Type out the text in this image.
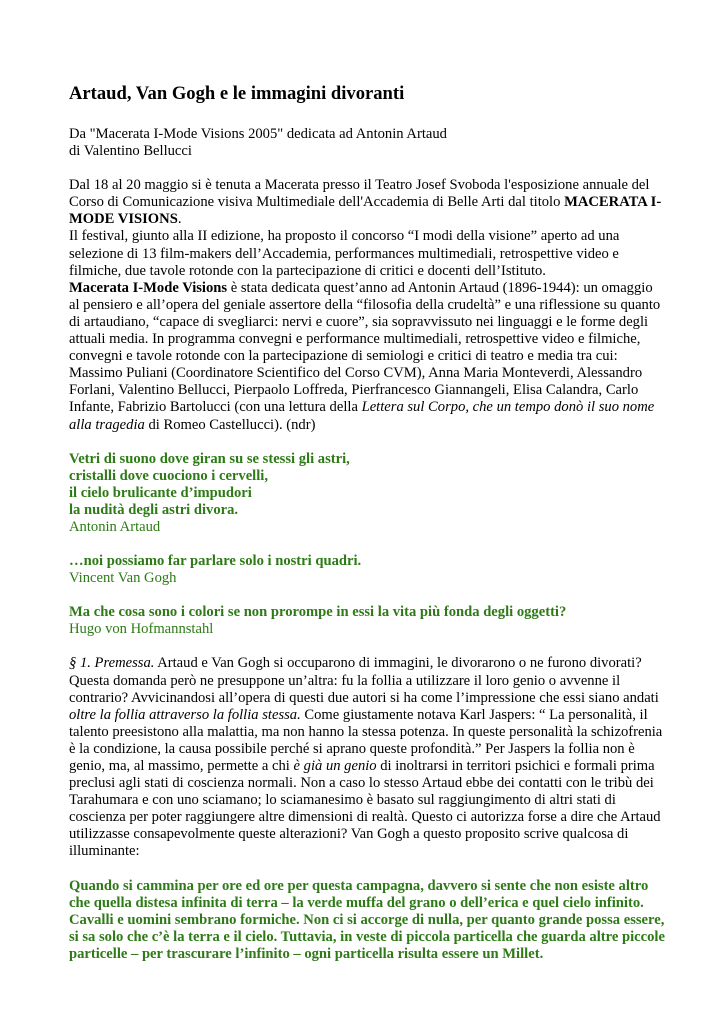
Artaud, Van Gogh e le immagini divoranti

Da "Macerata I-Mode Visions 2005" dedicata ad Antonin Artaud
di Valentino Bellucci

Dal 18 al 20 maggio si è tenuta a Macerata presso il Teatro Josef Svoboda l'esposizione annuale del Corso di Comunicazione visiva Multimediale dell'Accademia di Belle Arti dal titolo MACERATA I-MODE VISIONS.
Il festival, giunto alla II edizione, ha proposto il concorso “I modi della visione” aperto ad una selezione di 13 film-makers dell’Accademia, performances multimediali, retrospettive video e filmiche, due tavole rotonde con la partecipazione di critici e docenti dell’Istituto.
Macerata I-Mode Visions è stata dedicata quest’anno ad Antonin Artaud (1896-1944): un omaggio al pensiero e all’opera del geniale assertore della “filosofia della crudeltà” e una riflessione su quanto di artaudiano, “capace di svegliarci: nervi e cuore”, sia sopravvissuto nei linguaggi e le forme degli attuali media. In programma convegni e performance multimediali, retrospettive video e filmiche, convegni e tavole rotonde con la partecipazione di semiologi e critici di teatro e media tra cui: Massimo Puliani (Coordinatore Scientifico del Corso CVM), Anna Maria Monteverdi, Alessandro Forlani, Valentino Bellucci, Pierpaolo Loffreda, Pierfrancesco Giannangeli, Elisa Calandra, Carlo Infante, Fabrizio Bartolucci (con una lettura della Lettera sul Corpo, che un tempo donò il suo nome alla tragedia di Romeo Castellucci). (ndr)

Vetri di suono dove giran su se stessi gli astri,
cristalli dove cuociono i cervelli,
il cielo brulicante d’impudori
la nudità degli astri divora.
Antonin Artaud

…noi possiamo far parlare solo i nostri quadri.
Vincent Van Gogh

Ma che cosa sono i colori se non prorompe in essi la vita più fonda degli oggetti?
Hugo von Hofmannstahl

§ 1. Premessa. Artaud e Van Gogh si occuparono di immagini, le divorarono o ne furono divorati? Questa domanda però ne presuppone un’altra: fu la follia a utilizzare il loro genio o avvenne il contrario? Avvicinandosi all’opera di questi due autori si ha come l’impressione che essi siano andati oltre la follia attraverso la follia stessa. Come giustamente notava Karl Jaspers: “ La personalità, il talento preesistono alla malattia, ma non hanno la stessa potenza. In queste personalità la schizofrenia è la condizione, la causa possibile perché si aprano queste profondità.” Per Jaspers la follia non è genio, ma, al massimo, permette a chi è già un genio di inoltrarsi in territori psichici e formali prima preclusi agli stati di coscienza normali. Non a caso lo stesso Artaud ebbe dei contatti con le tribù dei Tarahumara e con uno sciamano; lo sciamanesimo è basato sul raggiungimento di altri stati di coscienza per poter raggiungere altre dimensioni di realtà. Questo ci autorizza forse a dire che Artaud utilizzasse consapevolmente queste alterazioni? Van Gogh a questo proposito scrive qualcosa di illuminante:

Quando si cammina per ore ed ore per questa campagna, davvero si sente che non esiste altro che quella distesa infinita di terra – la verde muffa del grano o dell’erica e quel cielo infinito. Cavalli e uomini sembrano formiche. Non ci si accorge di nulla, per quanto grande possa essere, si sa solo che c’è la terra e il cielo. Tuttavia, in veste di piccola particella che guarda altre piccole particelle – per trascurare l’infinito – ogni particella risulta essere un Millet.
